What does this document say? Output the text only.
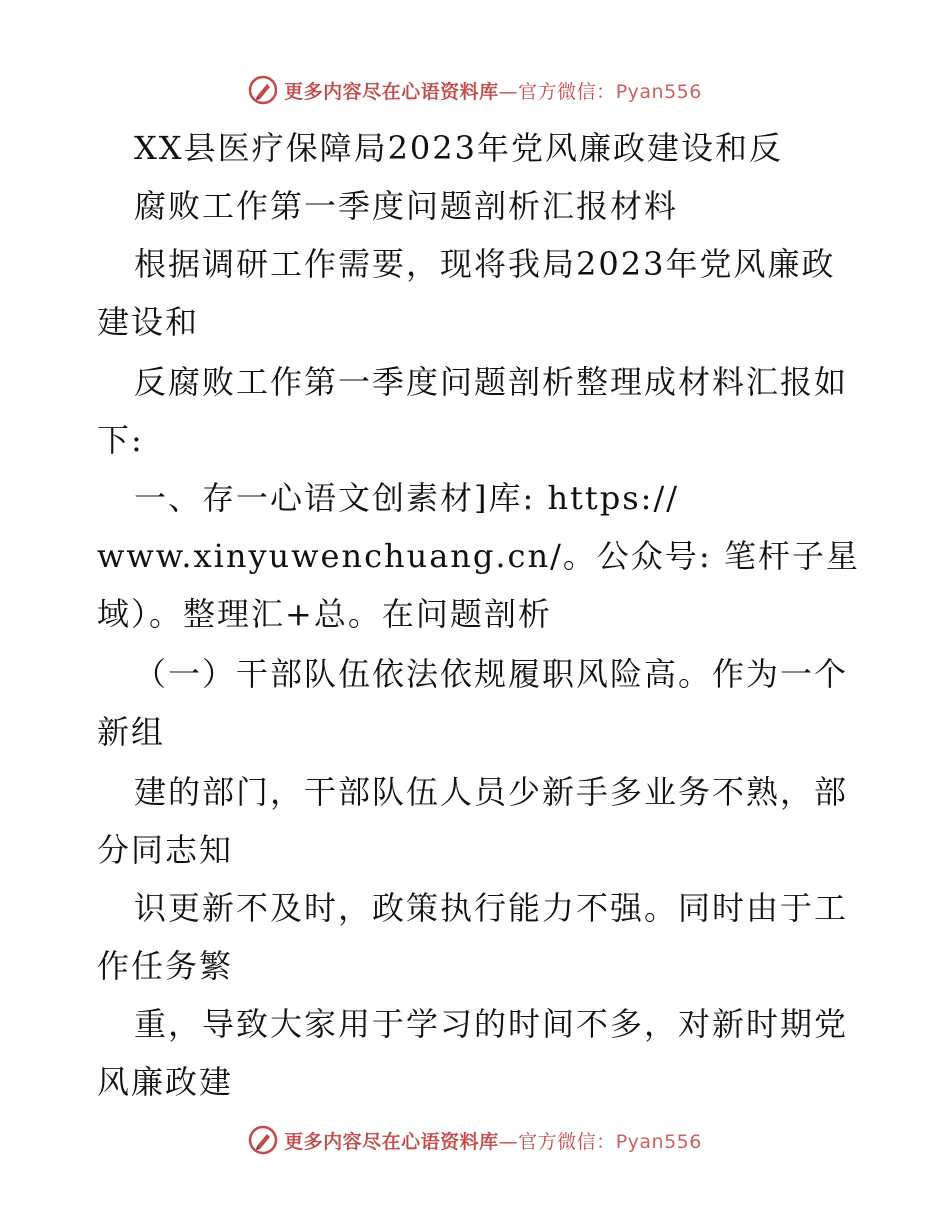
更多内容尽在心语资料库—官方微信：Pyan556
XX县医疗保障局2023年党风廉政建设和反
腐败工作第一季度问题剖析汇报材料
根据调研工作需要，现将我局2023年党风廉政
建设和
反腐败工作第一季度问题剖析整理成材料汇报如
下:
一、存一心语文创素材]库: https://
www.xinyuwenchuang.cn/。公众号: 笔杆子星
域）。整理汇+总。在问题剖析
（一）干部队伍依法依规履职风险高。作为一个
新组
建的部门，干部队伍人员少新手多业务不熟，部
分同志知
识更新不及时，政策执行能力不强。同时由于工
作任务繁
重，导致大家用于学习的时间不多，对新时期党
风廉政建
更多内容尽在心语资料库—官方微信：Pyan556
